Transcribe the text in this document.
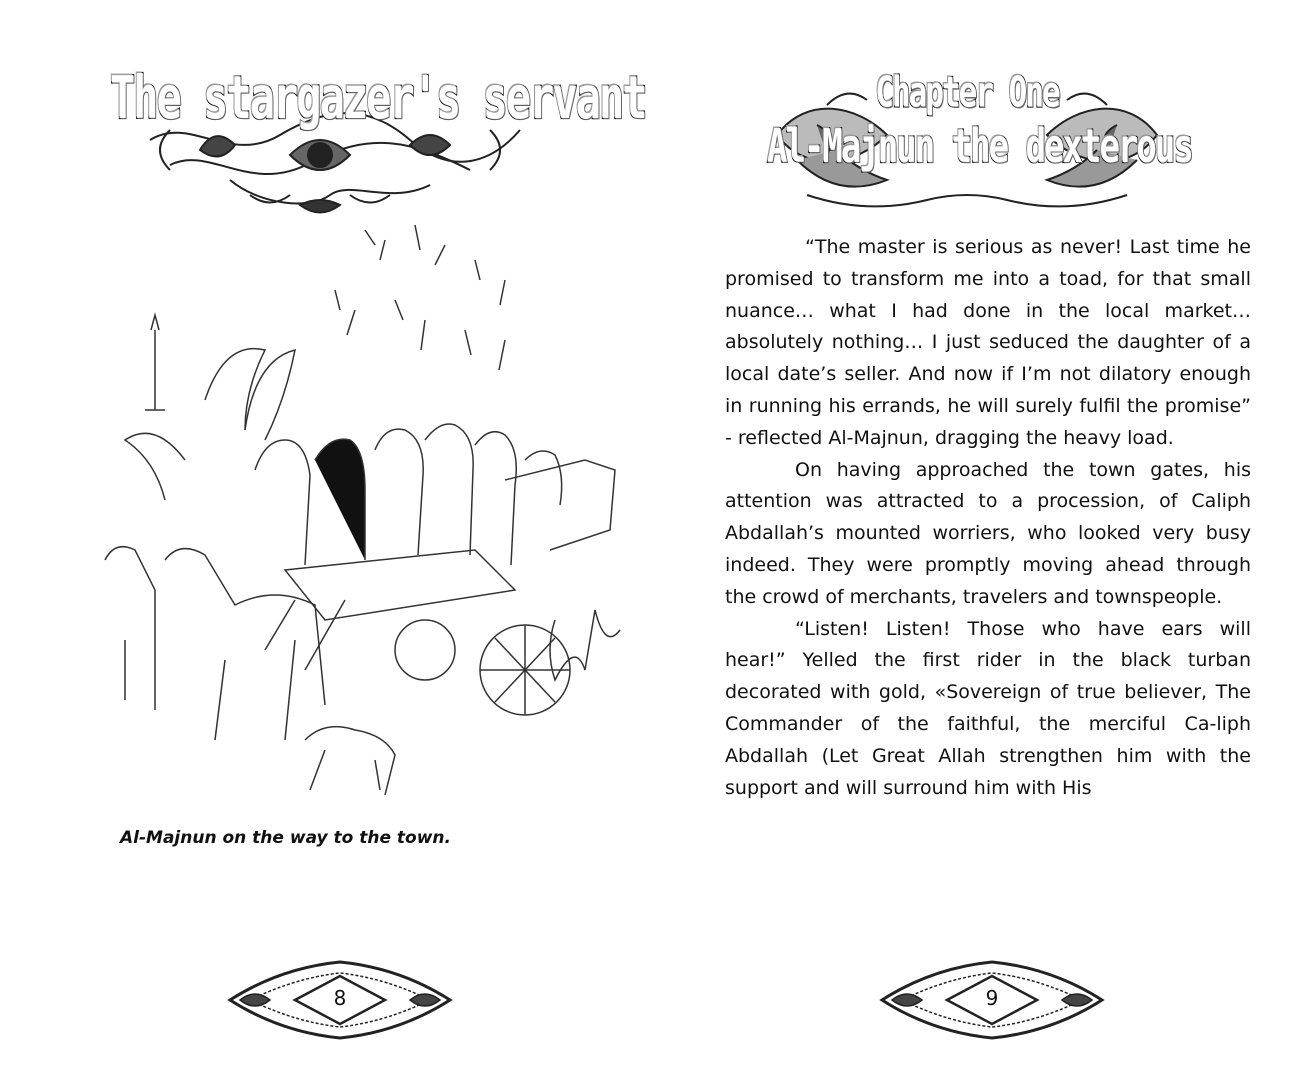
The stargazer's servant
Al-Majnun on the way to the town.
8
Chapter One
Al-Majnun the dexterous

“The master is serious as never! Last time he promised to transform me into a toad, for that small nuance… what I had done in the local market… absolutely nothing… I just seduced the daughter of a local date’s seller. And now if I’m not dilatory enough in running his errands, he will surely fulfil the promise” - reflected Al-Majnun, dragging the heavy load.

On having approached the town gates, his attention was attracted to a procession, of Caliph Abdallah’s mounted worriers, who looked very busy indeed. They were promptly moving ahead through the crowd of merchants, travelers and townspeople.

“Listen! Listen! Those who have ears will hear!” Yelled the first rider in the black turban decorated with gold, «Sovereign of true believer, The Commander of the faithful, the merciful Ca-liph Abdallah (Let Great Allah strengthen him with the support and will surround him with His

9
